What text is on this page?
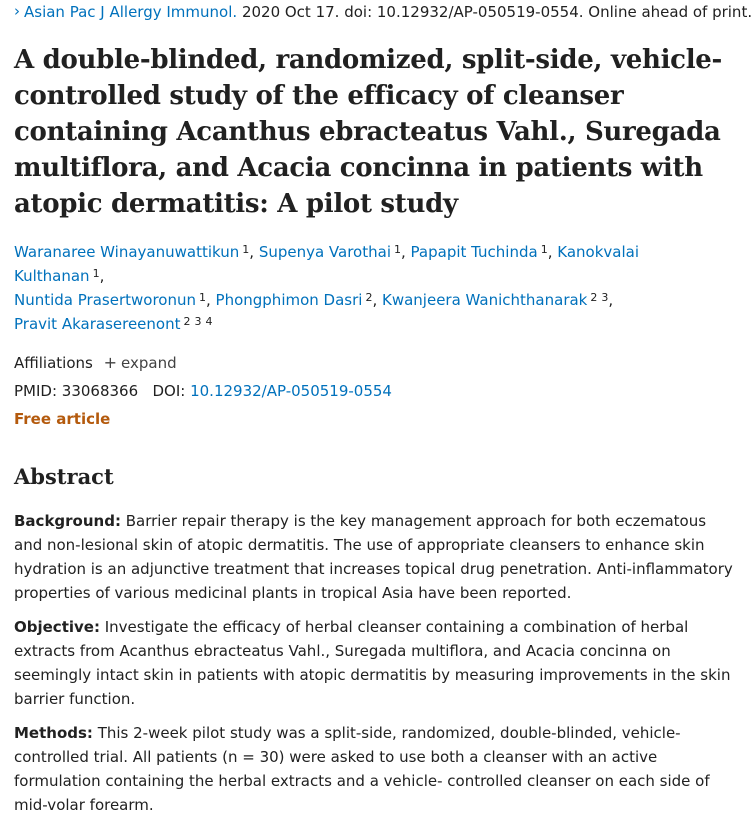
› Asian Pac J Allergy Immunol. 2020 Oct 17. doi: 10.12932/AP-050519-0554. Online ahead of print.
A double-blinded, randomized, split-side, vehicle-controlled study of the efficacy of cleanser containing Acanthus ebracteatus Vahl., Suregada multiflora, and Acacia concinna in patients with atopic dermatitis: A pilot study
Waranaree Winayanuwattikun $^1$, Supenya Varothai $^1$, Papapit Tuchinda $^1$, Kanokvalai Kulthanan $^1$,
Nuntida Prasertworonun $^1$, Phongphimon Dasri $^2$, Kwanjeera Wanichthanarak $^{2 3}$,
Pravit Akarasereenont $^{2 3 4}$
Affiliations + expand
PMID: 33068366 DOI: 10.12932/AP-050519-0554
Free article
Abstract
Background: Barrier repair therapy is the key management approach for both eczematous and non-lesional skin of atopic dermatitis. The use of appropriate cleansers to enhance skin hydration is an adjunctive treatment that increases topical drug penetration. Anti-inflammatory properties of various medicinal plants in tropical Asia have been reported.
Objective: Investigate the efficacy of herbal cleanser containing a combination of herbal extracts from Acanthus ebracteatus Vahl., Suregada multiflora, and Acacia concinna on seemingly intact skin in patients with atopic dermatitis by measuring improvements in the skin barrier function.
Methods: This 2-week pilot study was a split-side, randomized, double-blinded, vehicle-controlled trial. All patients (n = 30) were asked to use both a cleanser with an active formulation containing the herbal extracts and a vehicle- controlled cleanser on each side of mid-volar forearm.
